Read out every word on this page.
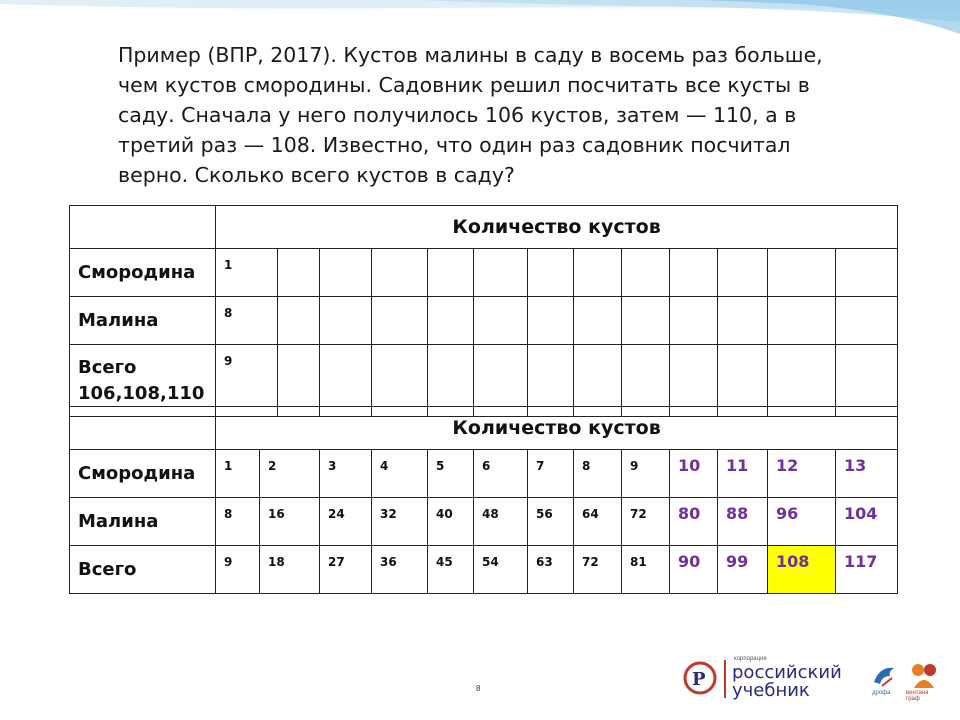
Пример (ВПР, 2017). Кустов малины в саду в восемь раз больше,
чем кустов смородины. Садовник решил посчитать все кусты в
саду. Сначала у него получилось 106 кустов, затем — 110, а в
третий раз — 108. Известно, что один раз садовник посчитал
верно. Сколько всего кустов в саду?
	Количество кустов												
Смородина	1												
Малина	8												

Всего
106,108,110	9												
	Количество кустов												
Смородина	1	2	3	4	5	6	7	8	9	10	11	12	13
Малина	8	16	24	32	40	48	56	64	72	80	88	96	104
Всего	9	18	27	36	45	54	63	72	81	90	99	108	117
8	Р
корпорация
российский
учебник	дрофа	вентана граф
